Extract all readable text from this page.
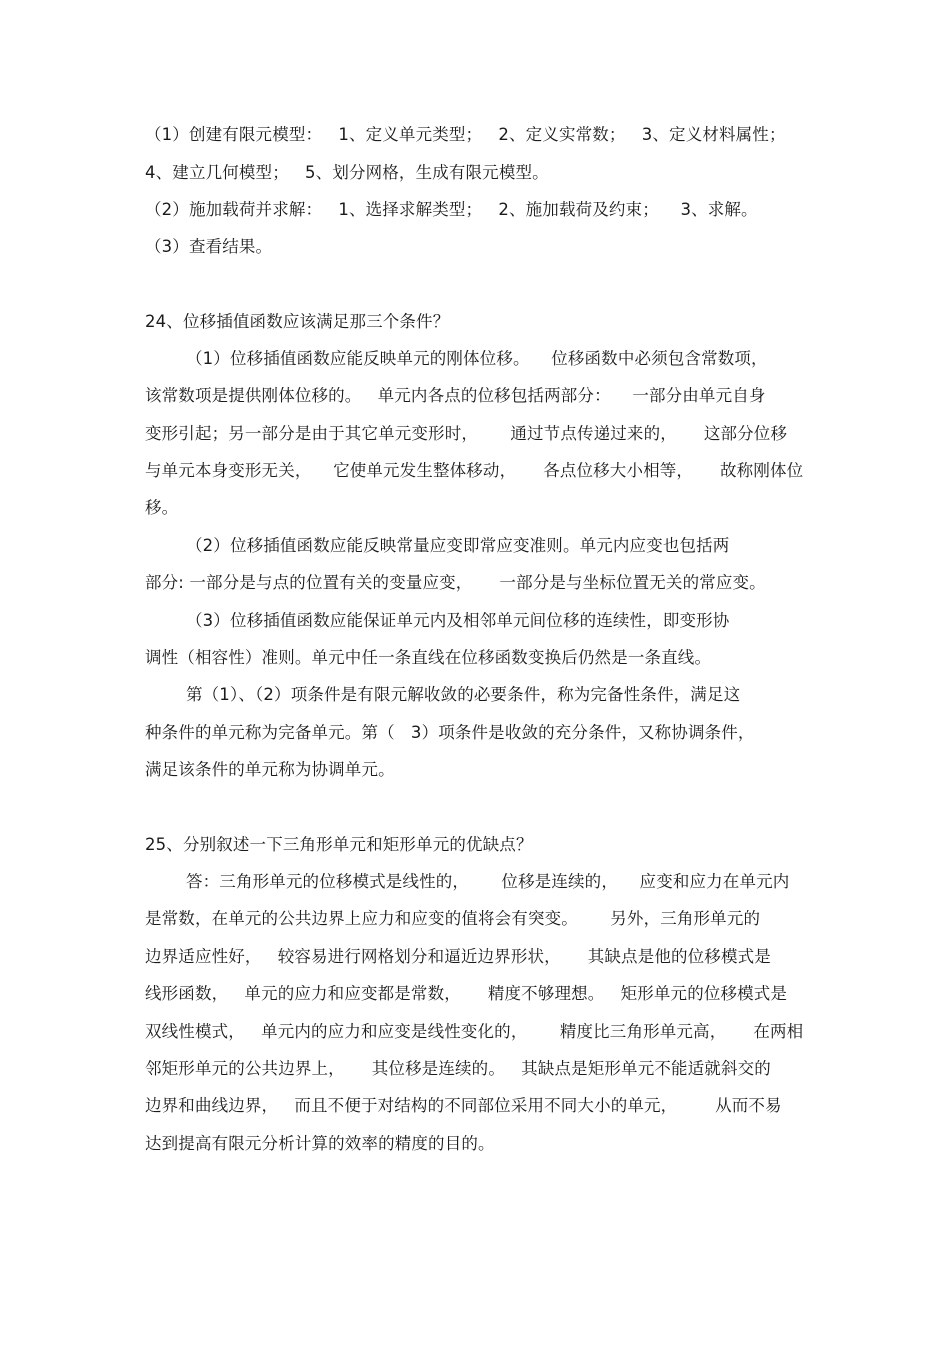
（1）创建有限元模型：   1、定义单元类型；   2、定义实常数；   3、定义材料属性；
4、建立几何模型；   5、划分网格，生成有限元模型。
（2）施加载荷并求解：   1、选择求解类型；   2、施加载荷及约束；    3、求解。
（3）查看结果。
24、位移插值函数应该满足那三个条件？
（1）位移插值函数应能反映单元的刚体位移。    位移函数中必须包含常数项，
该常数项是提供刚体位移的。   单元内各点的位移包括两部分：    一部分由单元自身
变形引起；另一部分是由于其它单元变形时，      通过节点传递过来的，     这部分位移
与单元本身变形无关，    它使单元发生整体移动，     各点位移大小相等，     故称刚体位
移。
（2）位移插值函数应能反映常量应变即常应变准则。单元内应变也包括两
部分: 一部分是与点的位置有关的变量应变，     一部分是与坐标位置无关的常应变。
（3）位移插值函数应能保证单元内及相邻单元间位移的连续性，即变形协
调性（相容性）准则。单元中任一条直线在位移函数变换后仍然是一条直线。
第（1）、（2）项条件是有限元解收敛的必要条件，称为完备性条件，满足这
种条件的单元称为完备单元。第（   3）项条件是收敛的充分条件，又称协调条件，
满足该条件的单元称为协调单元。
25、分别叙述一下三角形单元和矩形单元的优缺点？
答：三角形单元的位移模式是线性的，      位移是连续的，    应变和应力在单元内
是常数，在单元的公共边界上应力和应变的值将会有突变。      另外，三角形单元的
边界适应性好，   较容易进行网格划分和逼近边界形状，     其缺点是他的位移模式是
线形函数，   单元的应力和应变都是常数，     精度不够理想。   矩形单元的位移模式是
双线性模式，   单元内的应力和应变是线性变化的，      精度比三角形单元高，     在两相
邻矩形单元的公共边界上，     其位移是连续的。   其缺点是矩形单元不能适就斜交的
边界和曲线边界，   而且不便于对结构的不同部位采用不同大小的单元，       从而不易
达到提高有限元分析计算的效率的精度的目的。
